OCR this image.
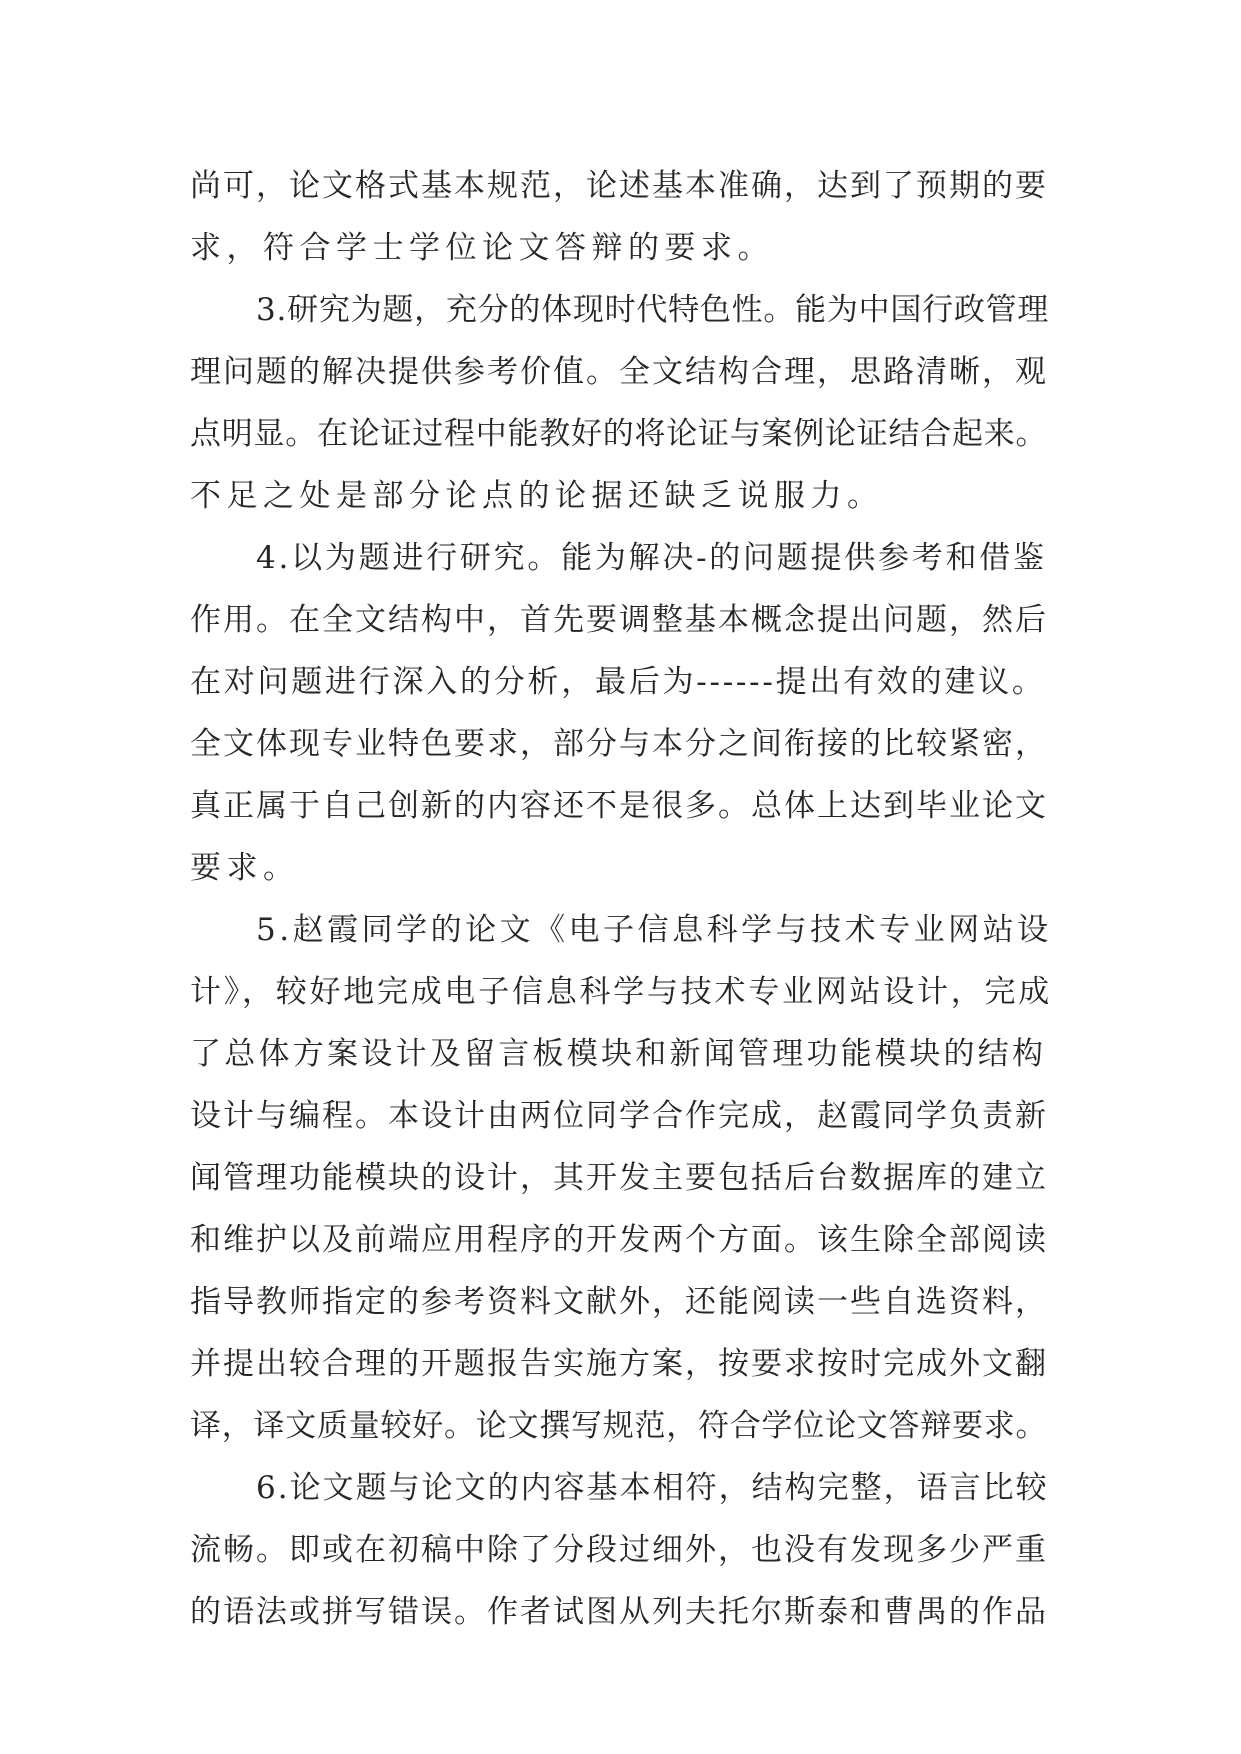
尚可，论文格式基本规范，论述基本准确，达到了预期的要

求，符合学士学位论文答辩的要求。

3.研究为题，充分的体现时代特色性。能为中国行政管理

理问题的解决提供参考价值。全文结构合理，思路清晰，观

点明显。在论证过程中能教好的将论证与案例论证结合起来。

不足之处是部分论点的论据还缺乏说服力。

4.以为题进行研究。能为解决-的问题提供参考和借鉴

作用。在全文结构中，首先要调整基本概念提出问题，然后

在对问题进行深入的分析，最后为------提出有效的建议。

全文体现专业特色要求，部分与本分之间衔接的比较紧密，

真正属于自己创新的内容还不是很多。总体上达到毕业论文

要求。

5.赵霞同学的论文《电子信息科学与技术专业网站设

计》，较好地完成电子信息科学与技术专业网站设计，完成

了总体方案设计及留言板模块和新闻管理功能模块的结构

设计与编程。本设计由两位同学合作完成，赵霞同学负责新

闻管理功能模块的设计，其开发主要包括后台数据库的建立

和维护以及前端应用程序的开发两个方面。该生除全部阅读

指导教师指定的参考资料文献外，还能阅读一些自选资料，

并提出较合理的开题报告实施方案，按要求按时完成外文翻

译，译文质量较好。论文撰写规范，符合学位论文答辩要求。

6.论文题与论文的内容基本相符，结构完整，语言比较

流畅。即或在初稿中除了分段过细外，也没有发现多少严重

的语法或拼写错误。作者试图从列夫托尔斯泰和曹禺的作品
